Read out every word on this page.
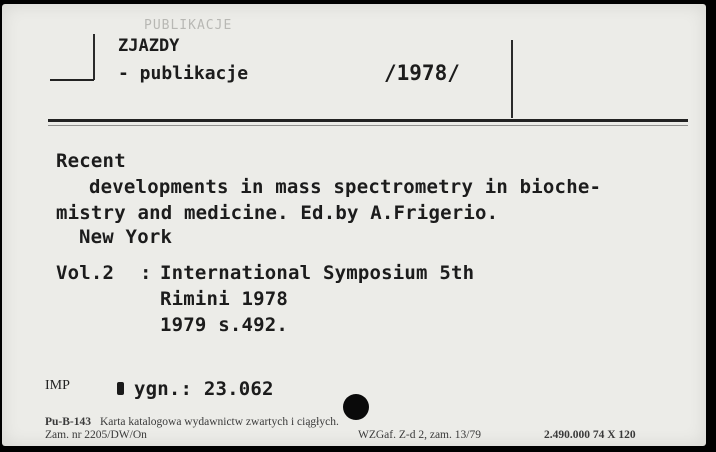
PUBLIKACJE
ZJAZDY
- publikacje	/1978/
Recent
developments in mass spectrometry in bioche-
mistry and medicine. Ed.by A.Frigerio.
New York
Vol.2 : International Symposium 5th
Rimini 1978
1979 s.492.
IMP	ygn.: 23.062
Pu-B-143 Karta katalogowa wydawnictw zwartych i ciągłych.
Zam. nr 2205/DW/On	WZGaf. Z-d 2, zam. 13/79	2.490.000 74 X 120
